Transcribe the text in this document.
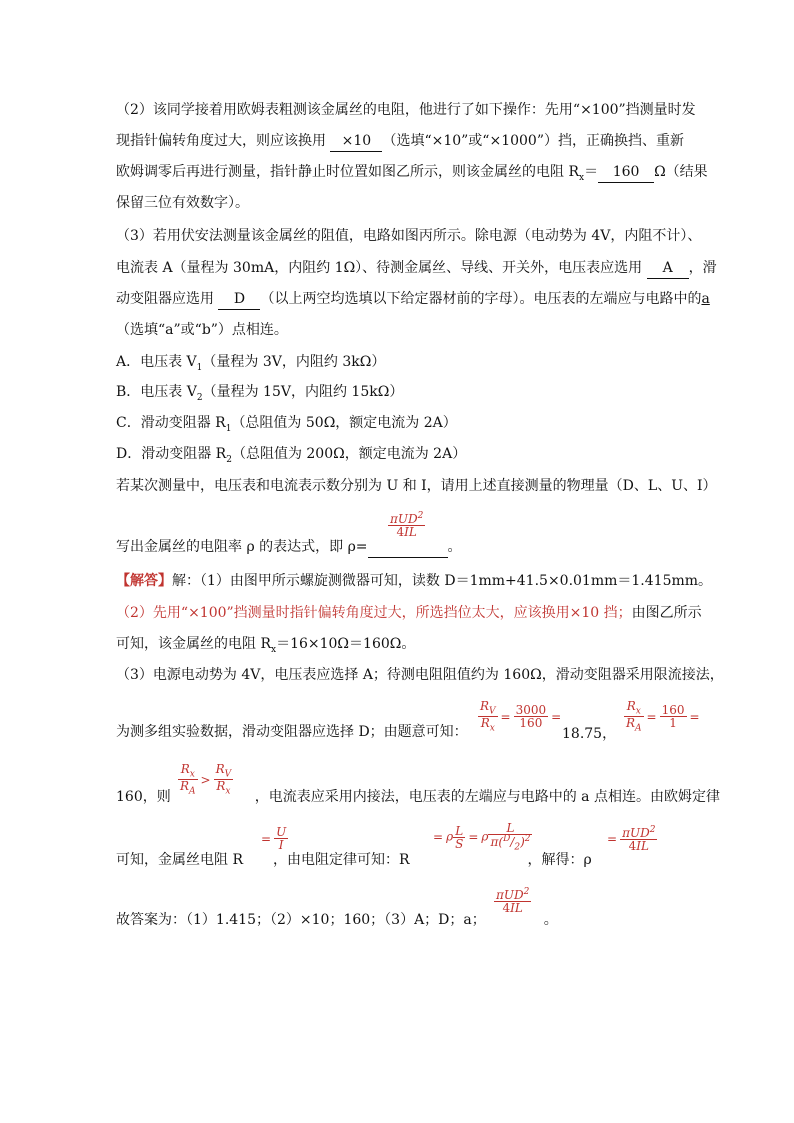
（2）该同学接着用欧姆表粗测该金属丝的电阻，他进行了如下操作：先用“×100”挡测量时发
现指针偏转角度过大，则应该换用 ×10 （选填“×10”或“×1000”）挡，正确换挡、重新
欧姆调零后再进行测量，指针静止时位置如图乙所示，则该金属丝的电阻 $R_x= 160$ Ω（结果
保留三位有效数字）。
（3）若用伏安法测量该金属丝的阻值，电路如图丙所示。除电源（电动势为 4V，内阻不计）、
电流表 A（量程为 30mA，内阻约 1Ω）、待测金属丝、导线、开关外，电压表应选用 A ，滑
动变阻器应选用 D （以上两空均选填以下给定器材前的字母）。电压表的左端应与电路中的a
（选填“a”或“b”）点相连。
A．电压表 $V_1$（量程为 3V，内阻约 3kΩ）
B．电压表 $V_2$（量程为 15V，内阻约 15kΩ）
C．滑动变阻器 $R_1$（总阻值为 50Ω，额定电流为 2A）
D．滑动变阻器 $R_2$（总阻值为 200Ω，额定电流为 2A）
若某次测量中，电压表和电流表示数分别为 U 和 I，请用上述直接测量的物理量（D、L、U、I）
写出金属丝的电阻率 ρ 的表达式，即 ρ=	。
$\frac{\pi UD^2}{4IL}$
【解答】解：（1）由图甲所示螺旋测微器可知，读数 D＝1mm+41.5×0.01mm＝1.415mm。
（2）先用“×100”挡测量时指针偏转角度过大，所选挡位太大，应该换用×10 挡；由图乙所示
可知，该金属丝的电阻 $R_x=16\times 10\Omega=160\Omega$。
（3）电源电动势为 4V，电压表应选择 A；待测电阻阻值约为 160Ω，滑动变阻器采用限流接法，
为测多组实验数据，滑动变阻器应选择 D；由题意可知：	18.75，
$\frac{R_V}{R_x} = \frac{3000}{160}$ =	$\frac{R_x}{R_A} = \frac{160}{1}$ =
160，则	，电流表应采用内接法，电压表的左端应与电路中的 a 点相连。由欧姆定律
$\frac{R_x}{R_A} > \frac{R_V}{R_x}$
可知，金属丝电阻 R ，由电阻定律可知：R	，解得：ρ
= $\frac{U}{I}$	= ρ $\frac{L}{S} = \rho \frac{L}{\pi(^D/_2)^2}$	= $\frac{\pi UD^2}{4IL}$
故答案为：（1）1.415；（2）×10；160；（3）A；D；a；	。
$\frac{\pi UD^2}{4IL}$
